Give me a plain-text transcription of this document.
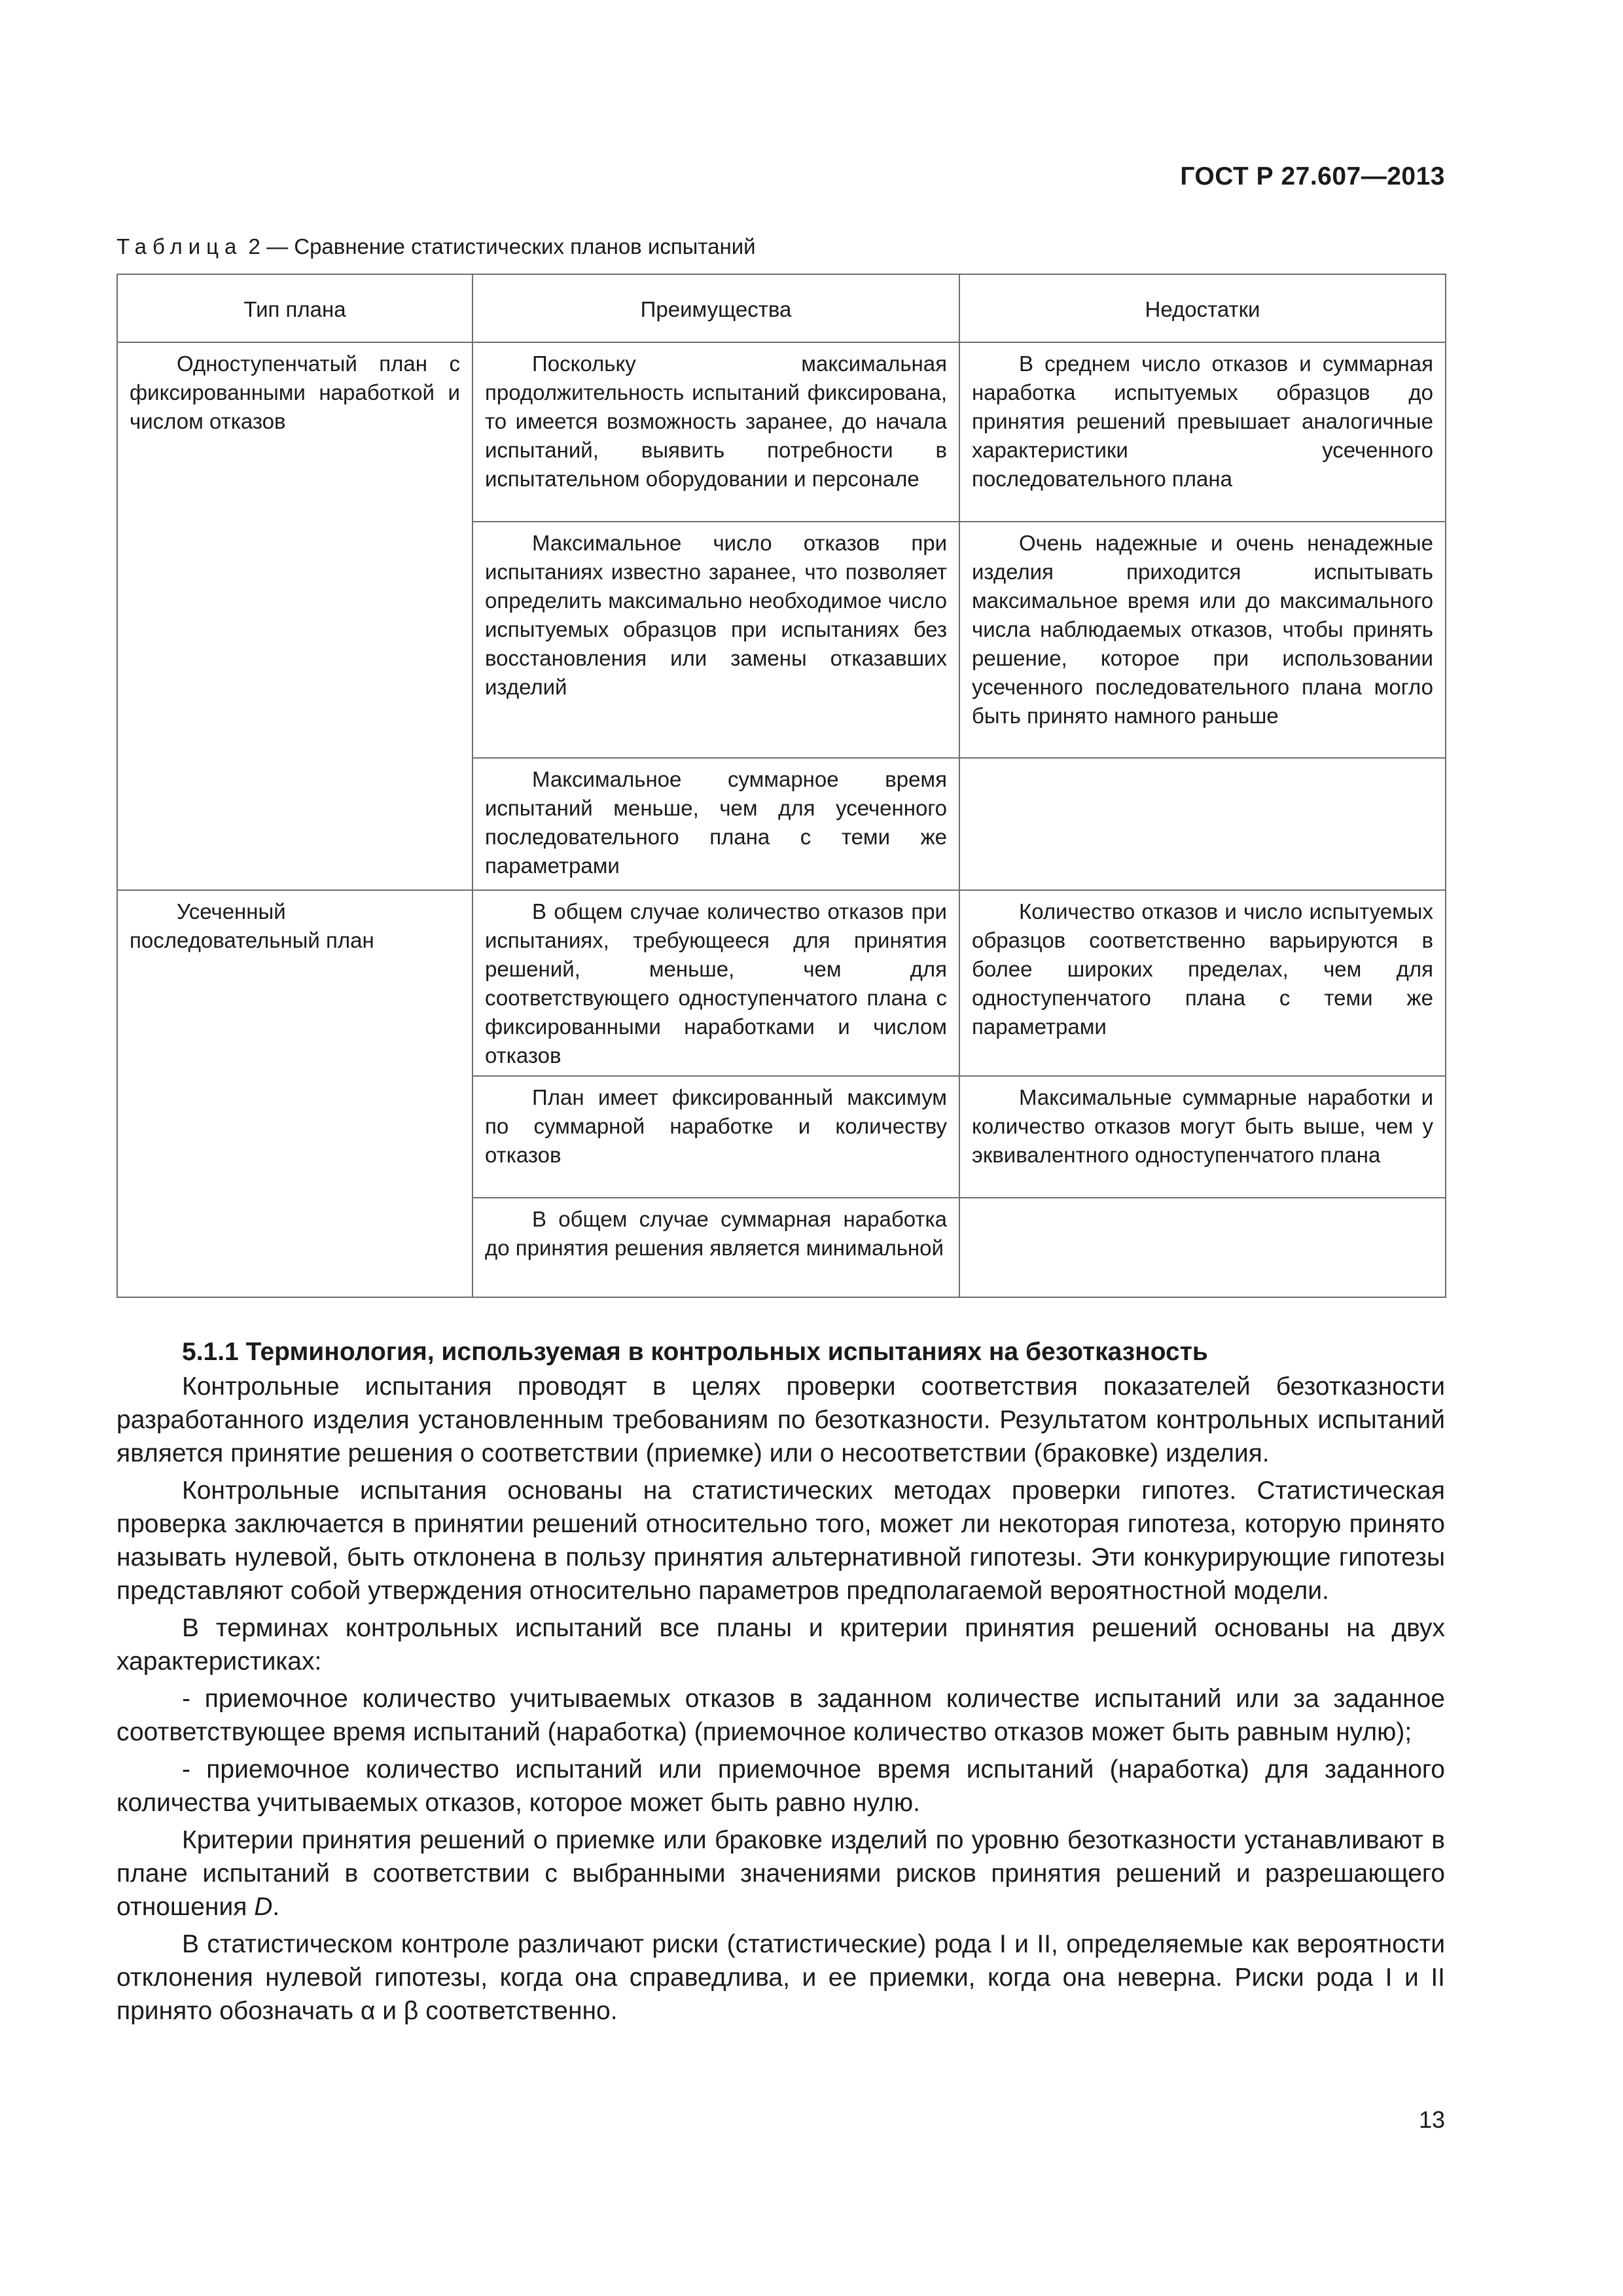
ГОСТ Р 27.607—2013
Таблица 2 — Сравнение статистических планов испытаний
Тип плана	Преимущества	Недостатки
Одноступенчатый план с фиксированными наработкой и числом отказов	Поскольку максимальная продолжительность испытаний фиксирована, то имеется возможность заранее, до начала испытаний, выявить потребности в испытательном оборудовании и персонале	В среднем число отказов и суммарная наработка испытуемых образцов до принятия решений превышает аналогичные характеристики усеченного последовательного плана
	Максимальное число отказов при испытаниях известно заранее, что позволяет определить максимально необходимое число испытуемых образцов при испытаниях без восстановления или замены отказавших изделий	Очень надежные и очень ненадежные изделия приходится испытывать максимальное время или до максимального числа наблюдаемых отказов, чтобы принять решение, которое при использовании усеченного последовательного плана могло быть принято намного раньше
	Максимальное суммарное время испытаний меньше, чем для усеченного последовательного плана с теми же параметрами	
Усеченный последовательный план	В общем случае количество отказов при испытаниях, требующееся для принятия решений, меньше, чем для соответствующего одноступенчатого плана с фиксированными наработками и числом отказов	Количество отказов и число испытуемых образцов соответственно варьируются в более широких пределах, чем для одноступенчатого плана с теми же параметрами
	План имеет фиксированный максимум по суммарной наработке и количеству отказов	Максимальные суммарные наработки и количество отказов могут быть выше, чем у эквивалентного одноступенчатого плана
	В общем случае суммарная наработка до принятия решения является минимальной	
5.1.1 Терминология, используемая в контрольных испытаниях на безотказность

Контрольные испытания проводят в целях проверки соответствия показателей безотказности разработанного изделия установленным требованиям по безотказности. Результатом контрольных испытаний является принятие решения о соответствии (приемке) или о несоответствии (браковке) изделия.

Контрольные испытания основаны на статистических методах проверки гипотез. Статистическая проверка заключается в принятии решений относительно того, может ли некоторая гипотеза, которую принято называть нулевой, быть отклонена в пользу принятия альтернативной гипотезы. Эти конкурирующие гипотезы представляют собой утверждения относительно параметров предполагаемой вероятностной модели.

В терминах контрольных испытаний все планы и критерии принятия решений основаны на двух характеристиках:

- приемочное количество учитываемых отказов в заданном количестве испытаний или за заданное соответствующее время испытаний (наработка) (приемочное количество отказов может быть равным нулю);

- приемочное количество испытаний или приемочное время испытаний (наработка) для заданного количества учитываемых отказов, которое может быть равно нулю.

Критерии принятия решений о приемке или браковке изделий по уровню безотказности устанавливают в плане испытаний в соответствии с выбранными значениями рисков принятия решений и разрешающего отношения D.

В статистическом контроле различают риски (статистические) рода I и II, определяемые как вероятности отклонения нулевой гипотезы, когда она справедлива, и ее приемки, когда она неверна. Риски рода I и II принято обозначать α и β соответственно.

13
